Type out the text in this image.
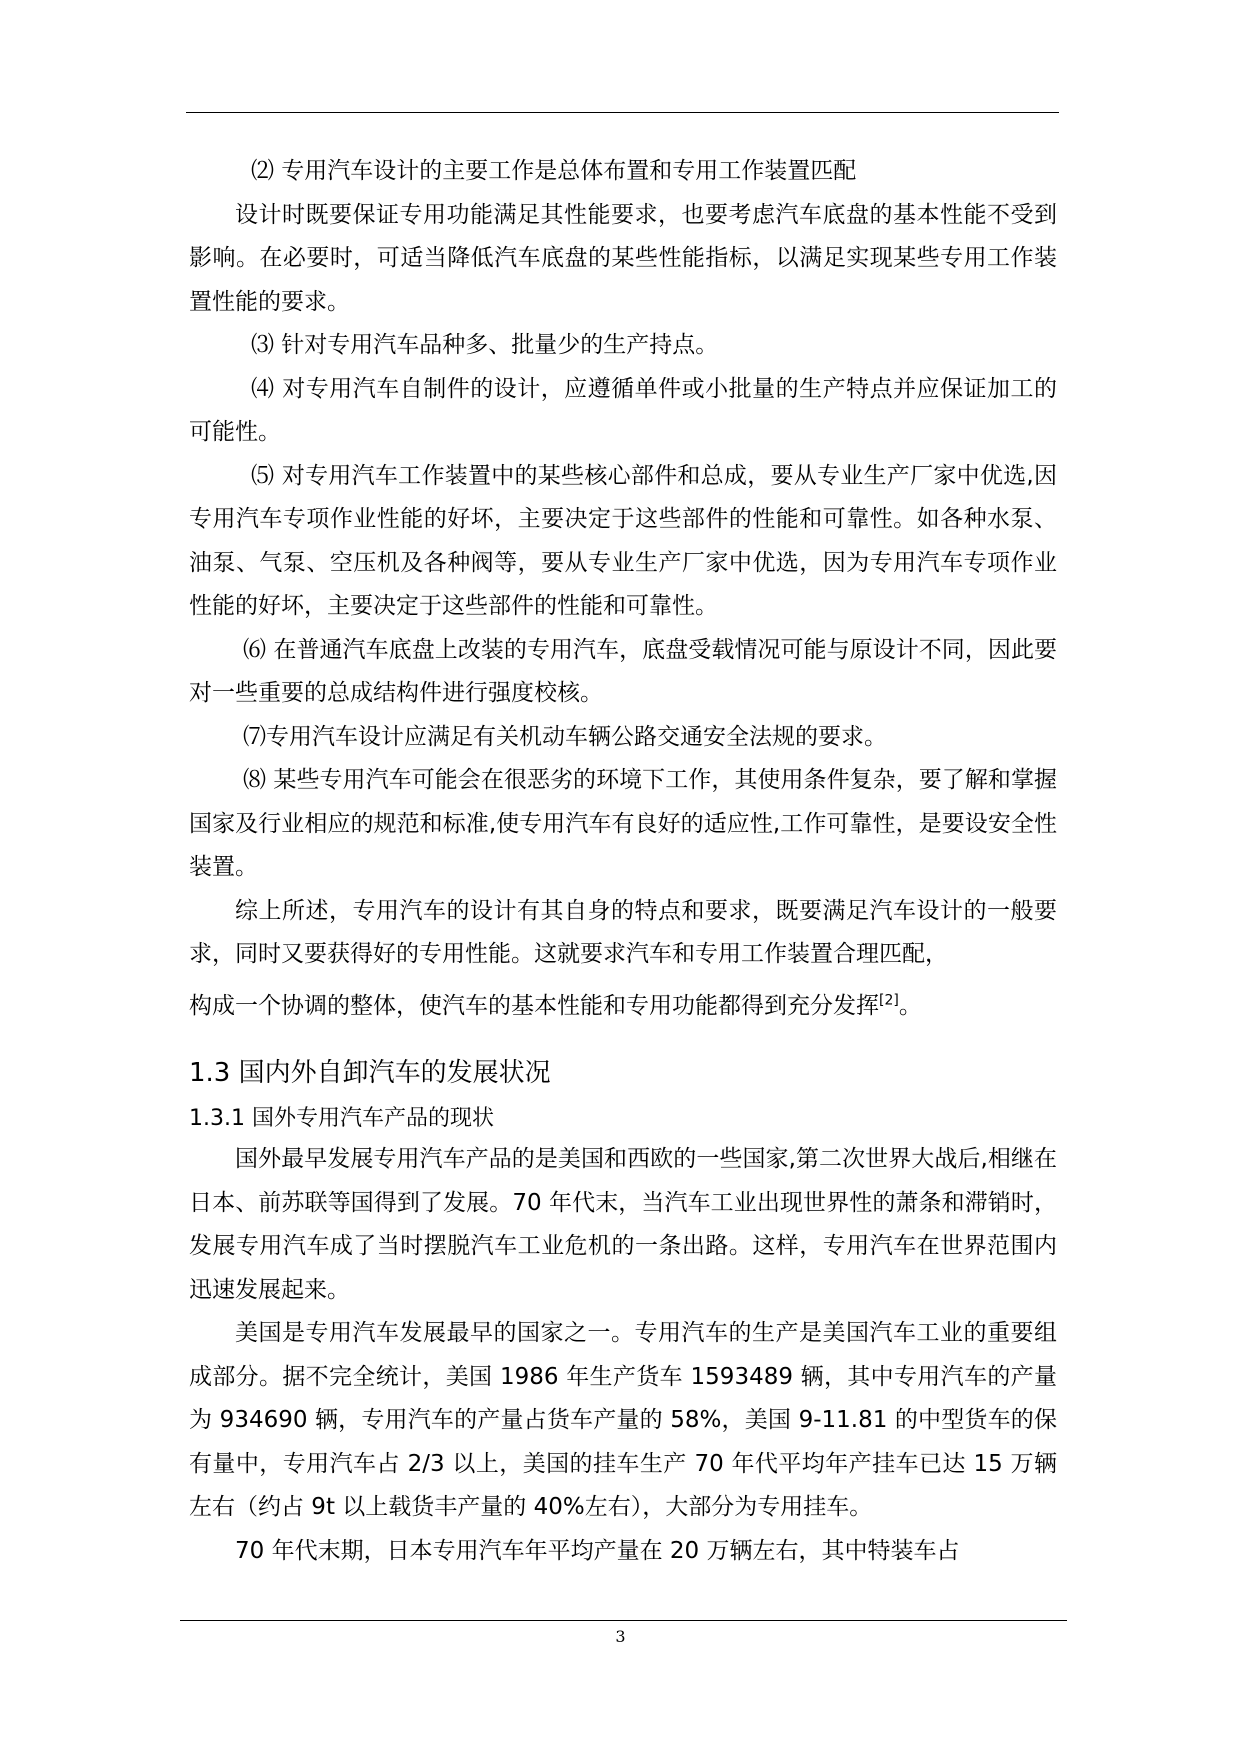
⑵ 专用汽车设计的主要工作是总体布置和专用工作装置匹配

设计时既要保证专用功能满足其性能要求，也要考虑汽车底盘的基本性能不受到影响。在必要时，可适当降低汽车底盘的某些性能指标，以满足实现某些专用工作装置性能的要求。

⑶ 针对专用汽车品种多、批量少的生产持点。

⑷ 对专用汽车自制件的设计，应遵循单件或小批量的生产特点并应保证加工的可能性。

⑸ 对专用汽车工作装置中的某些核心部件和总成，要从专业生产厂家中优选,因专用汽车专项作业性能的好坏，主要决定于这些部件的性能和可靠性。如各种水泵、油泵、气泵、空压机及各种阀等，要从专业生产厂家中优选，因为专用汽车专项作业性能的好坏，主要决定于这些部件的性能和可靠性。

⑹ 在普通汽车底盘上改装的专用汽车，底盘受载情况可能与原设计不同，因此要对一些重要的总成结构件进行强度校核。

⑺专用汽车设计应满足有关机动车辆公路交通安全法规的要求。

⑻ 某些专用汽车可能会在很恶劣的环境下工作，其使用条件复杂，要了解和掌握国家及行业相应的规范和标准,使专用汽车有良好的适应性,工作可靠性，是要设安全性装置。

综上所述，专用汽车的设计有其自身的特点和要求，既要满足汽车设计的一般要求，同时又要获得好的专用性能。这就要求汽车和专用工作装置合理匹配，

构成一个协调的整体，使汽车的基本性能和专用功能都得到充分发挥[2]。

1.3 国内外自卸汽车的发展状况
1.3.1 国外专用汽车产品的现状

国外最早发展专用汽车产品的是美国和西欧的一些国家,第二次世界大战后,相继在日本、前苏联等国得到了发展。70 年代末，当汽车工业出现世界性的萧条和滞销时，发展专用汽车成了当时摆脱汽车工业危机的一条出路。这样，专用汽车在世界范围内迅速发展起来。

美国是专用汽车发展最早的国家之一。专用汽车的生产是美国汽车工业的重要组成部分。据不完全统计，美国 1986 年生产货车 1593489 辆，其中专用汽车的产量为 934690 辆，专用汽车的产量占货车产量的 58%，美国 9-11.81 的中型货车的保有量中，专用汽车占 2/3 以上，美国的挂车生产 70 年代平均年产挂车已达 15 万辆左右（约占 9t 以上载货丰产量的 40%左右），大部分为专用挂车。

70 年代末期，日本专用汽车年平均产量在 20 万辆左右，其中特装车占

3
